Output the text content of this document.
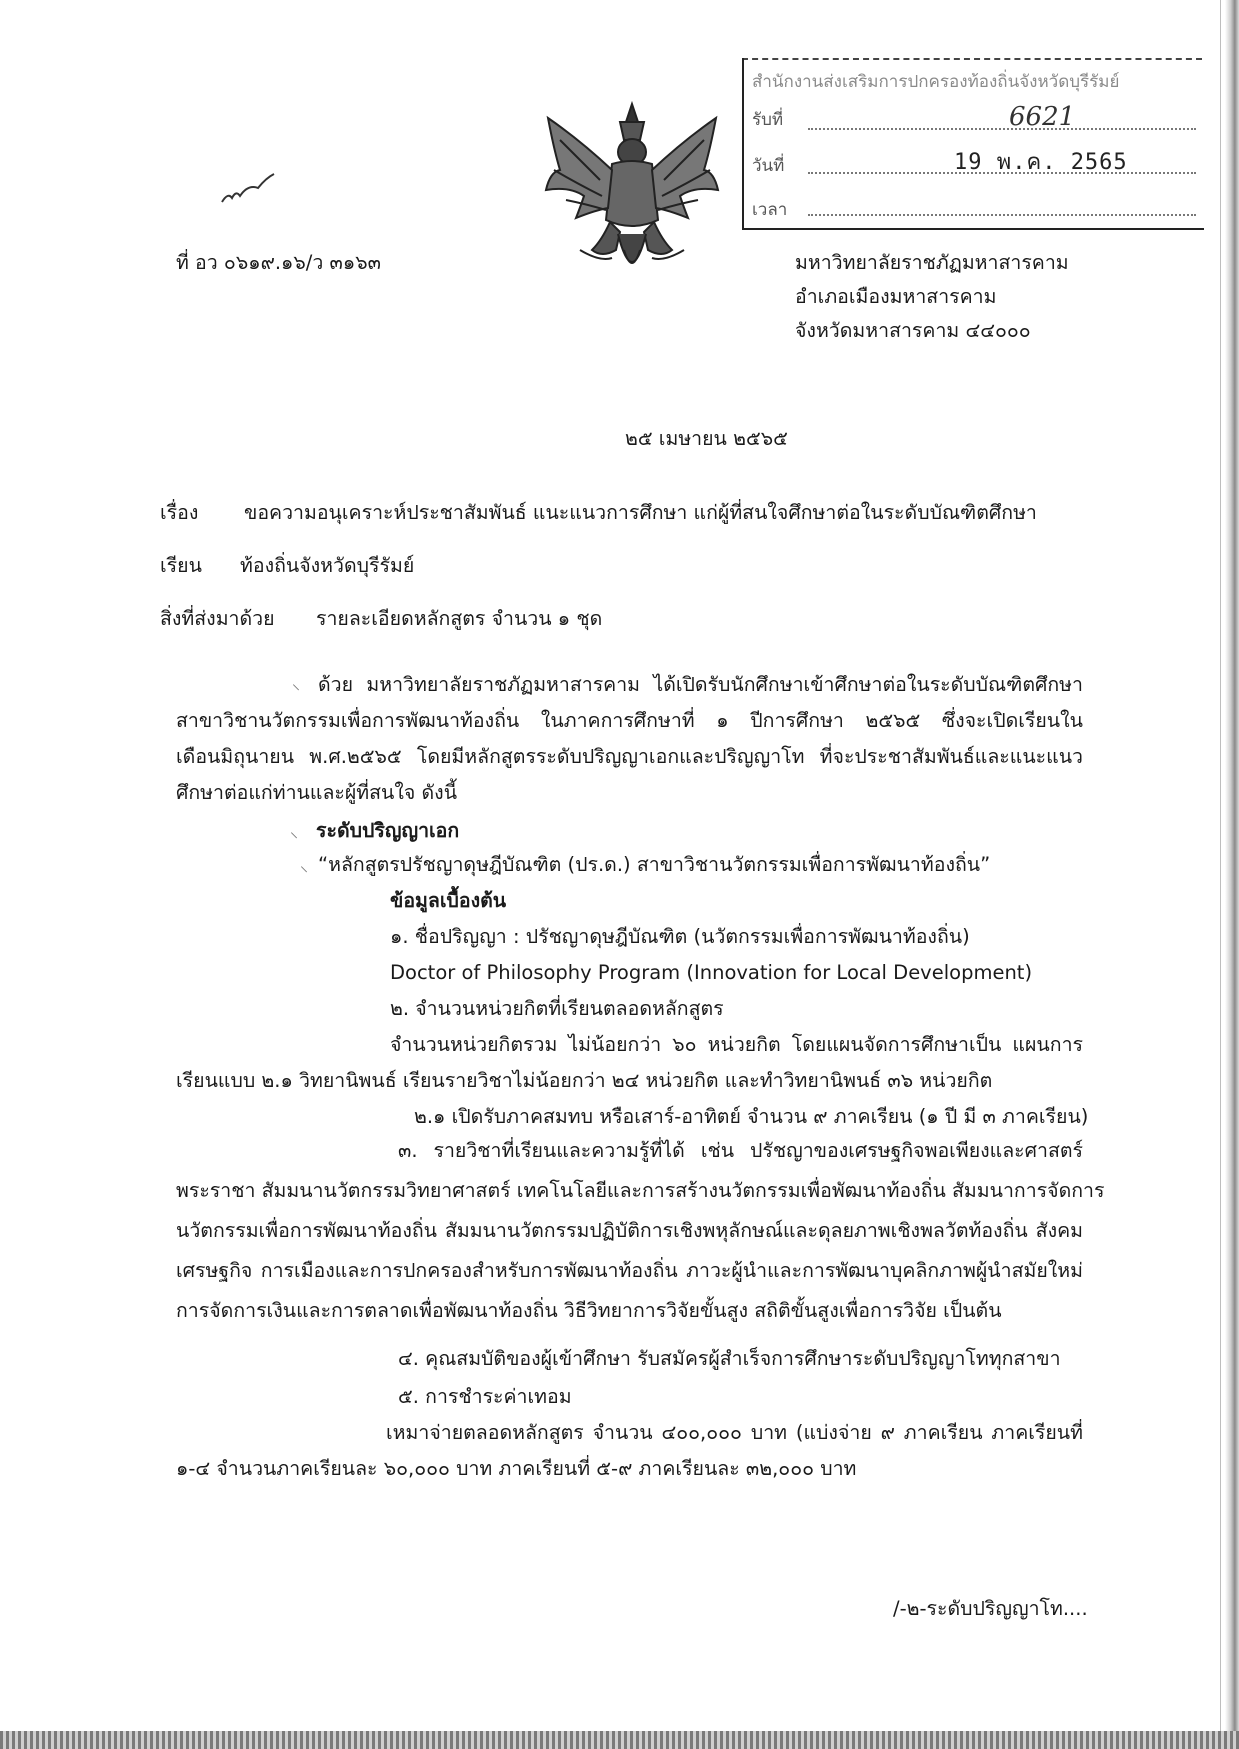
สำนักงานส่งเสริมการปกครองท้องถิ่นจังหวัดบุรีรัมย์
รับที่	6621
วันที่	19 พ.ค. 2565
เวลา
ที่ อว ๐๖๑๙.๑๖/ว ๓๑๖๓	มหาวิทยาลัยราชภัฏมหาสารคาม
อำเภอเมืองมหาสารคาม
จังหวัดมหาสารคาม ๔๔๐๐๐
๒๕ เมษายน ๒๕๖๕
เรื่อง ขอความอนุเคราะห์ประชาสัมพันธ์ แนะแนวการศึกษา แก่ผู้ที่สนใจศึกษาต่อในระดับบัณฑิตศึกษา
เรียน ท้องถิ่นจังหวัดบุรีรัมย์
สิ่งที่ส่งมาด้วย รายละเอียดหลักสูตร จำนวน ๑ ชุด
⸜ ด้วย มหาวิทยาลัยราชภัฏมหาสารคาม ได้เปิดรับนักศึกษาเข้าศึกษาต่อในระดับบัณฑิตศึกษา
สาขาวิชานวัตกรรมเพื่อการพัฒนาท้องถิ่น ในภาคการศึกษาที่ ๑ ปีการศึกษา ๒๕๖๕ ซึ่งจะเปิดเรียนใน
เดือนมิถุนายน พ.ศ.๒๕๖๕ โดยมีหลักสูตรระดับปริญญาเอกและปริญญาโท ที่จะประชาสัมพันธ์และแนะแนว
ศึกษาต่อแก่ท่านและผู้ที่สนใจ ดังนี้
⸜ ระดับปริญญาเอก
⸜ “หลักสูตรปรัชญาดุษฎีบัณฑิต (ปร.ด.) สาขาวิชานวัตกรรมเพื่อการพัฒนาท้องถิ่น”
ข้อมูลเบื้องต้น
๑. ชื่อปริญญา : ปรัชญาดุษฎีบัณฑิต (นวัตกรรมเพื่อการพัฒนาท้องถิ่น)
Doctor of Philosophy Program (Innovation for Local Development)
๒. จำนวนหน่วยกิตที่เรียนตลอดหลักสูตร
จำนวนหน่วยกิตรวม ไม่น้อยกว่า ๖๐ หน่วยกิต โดยแผนจัดการศึกษาเป็น แผนการ
เรียนแบบ ๒.๑ วิทยานิพนธ์ เรียนรายวิชาไม่น้อยกว่า ๒๔ หน่วยกิต และทำวิทยานิพนธ์ ๓๖ หน่วยกิต
๒.๑ เปิดรับภาคสมทบ หรือเสาร์-อาทิตย์ จำนวน ๙ ภาคเรียน (๑ ปี มี ๓ ภาคเรียน)
๓. รายวิชาที่เรียนและความรู้ที่ได้ เช่น ปรัชญาของเศรษฐกิจพอเพียงและศาสตร์
พระราชา สัมมนานวัตกรรมวิทยาศาสตร์ เทคโนโลยีและการสร้างนวัตกรรมเพื่อพัฒนาท้องถิ่น สัมมนาการจัดการ
นวัตกรรมเพื่อการพัฒนาท้องถิ่น สัมมนานวัตกรรมปฏิบัติการเชิงพหุลักษณ์และดุลยภาพเชิงพลวัตท้องถิ่น สังคม
เศรษฐกิจ การเมืองและการปกครองสำหรับการพัฒนาท้องถิ่น ภาวะผู้นำและการพัฒนาบุคลิกภาพผู้นำสมัยใหม่
การจัดการเงินและการตลาดเพื่อพัฒนาท้องถิ่น วิธีวิทยาการวิจัยขั้นสูง สถิติขั้นสูงเพื่อการวิจัย เป็นต้น
๔. คุณสมบัติของผู้เข้าศึกษา รับสมัครผู้สำเร็จการศึกษาระดับปริญญาโททุกสาขา
๕. การชำระค่าเทอม
เหมาจ่ายตลอดหลักสูตร จำนวน ๔๐๐,๐๐๐ บาท (แบ่งจ่าย ๙ ภาคเรียน ภาคเรียนที่
๑-๔ จำนวนภาคเรียนละ ๖๐,๐๐๐ บาท ภาคเรียนที่ ๕-๙ ภาคเรียนละ ๓๒,๐๐๐ บาท
/-๒-ระดับปริญญาโท....
